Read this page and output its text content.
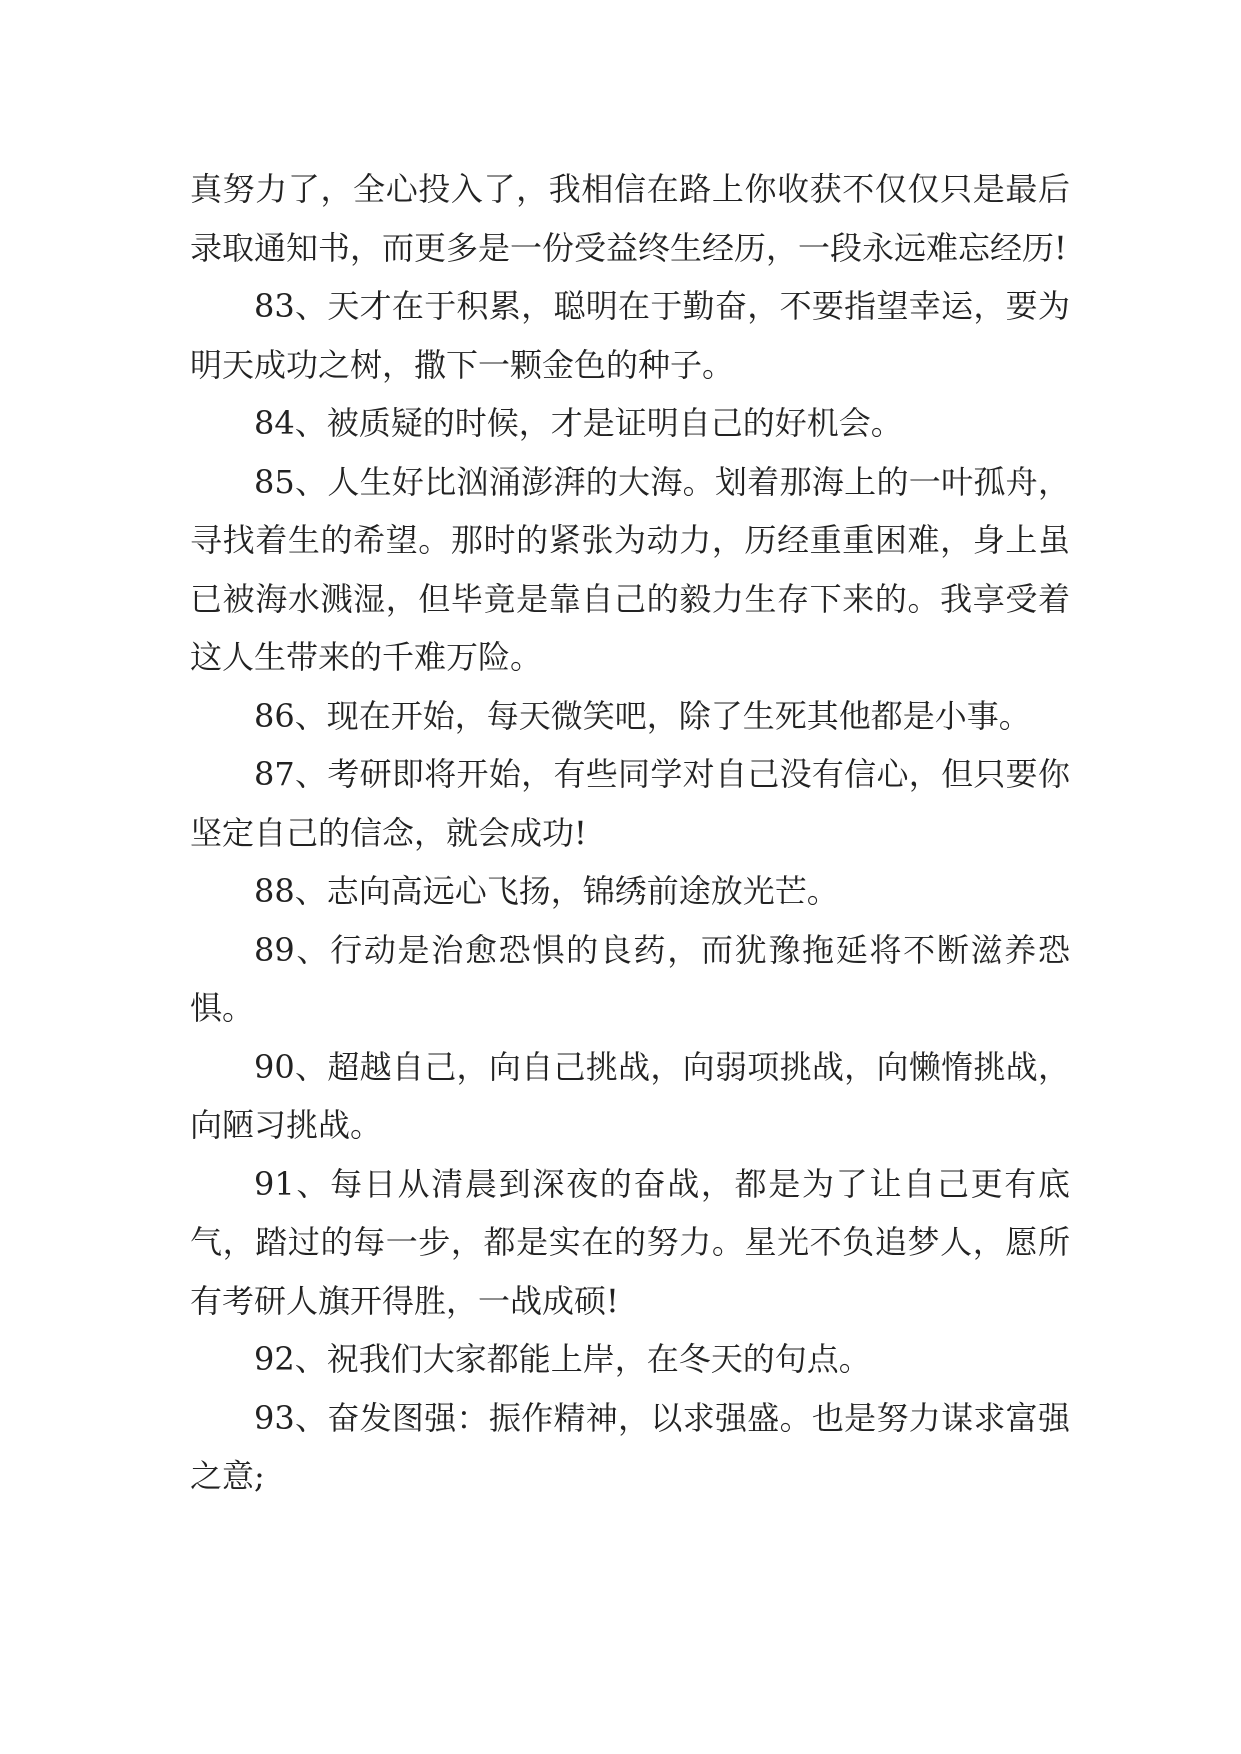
真努力了，全心投入了，我相信在路上你收获不仅仅只是最后录取通知书，而更多是一份受益终生经历，一段永远难忘经历!

83、天才在于积累，聪明在于勤奋，不要指望幸运，要为明天成功之树，撒下一颗金色的种子。

84、被质疑的时候，才是证明自己的好机会。

85、人生好比汹涌澎湃的大海。划着那海上的一叶孤舟，寻找着生的希望。那时的紧张为动力，历经重重困难，身上虽已被海水溅湿，但毕竟是靠自己的毅力生存下来的。我享受着这人生带来的千难万险。

86、现在开始，每天微笑吧，除了生死其他都是小事。

87、考研即将开始，有些同学对自己没有信心，但只要你坚定自己的信念，就会成功!

88、志向高远心飞扬，锦绣前途放光芒。

89、行动是治愈恐惧的良药，而犹豫拖延将不断滋养恐惧。

90、超越自己，向自己挑战，向弱项挑战，向懒惰挑战，向陋习挑战。

91、每日从清晨到深夜的奋战，都是为了让自己更有底气，踏过的每一步，都是实在的努力。星光不负追梦人，愿所有考研人旗开得胜，一战成硕!

92、祝我们大家都能上岸，在冬天的句点。

93、奋发图强：振作精神，以求强盛。也是努力谋求富强之意;
